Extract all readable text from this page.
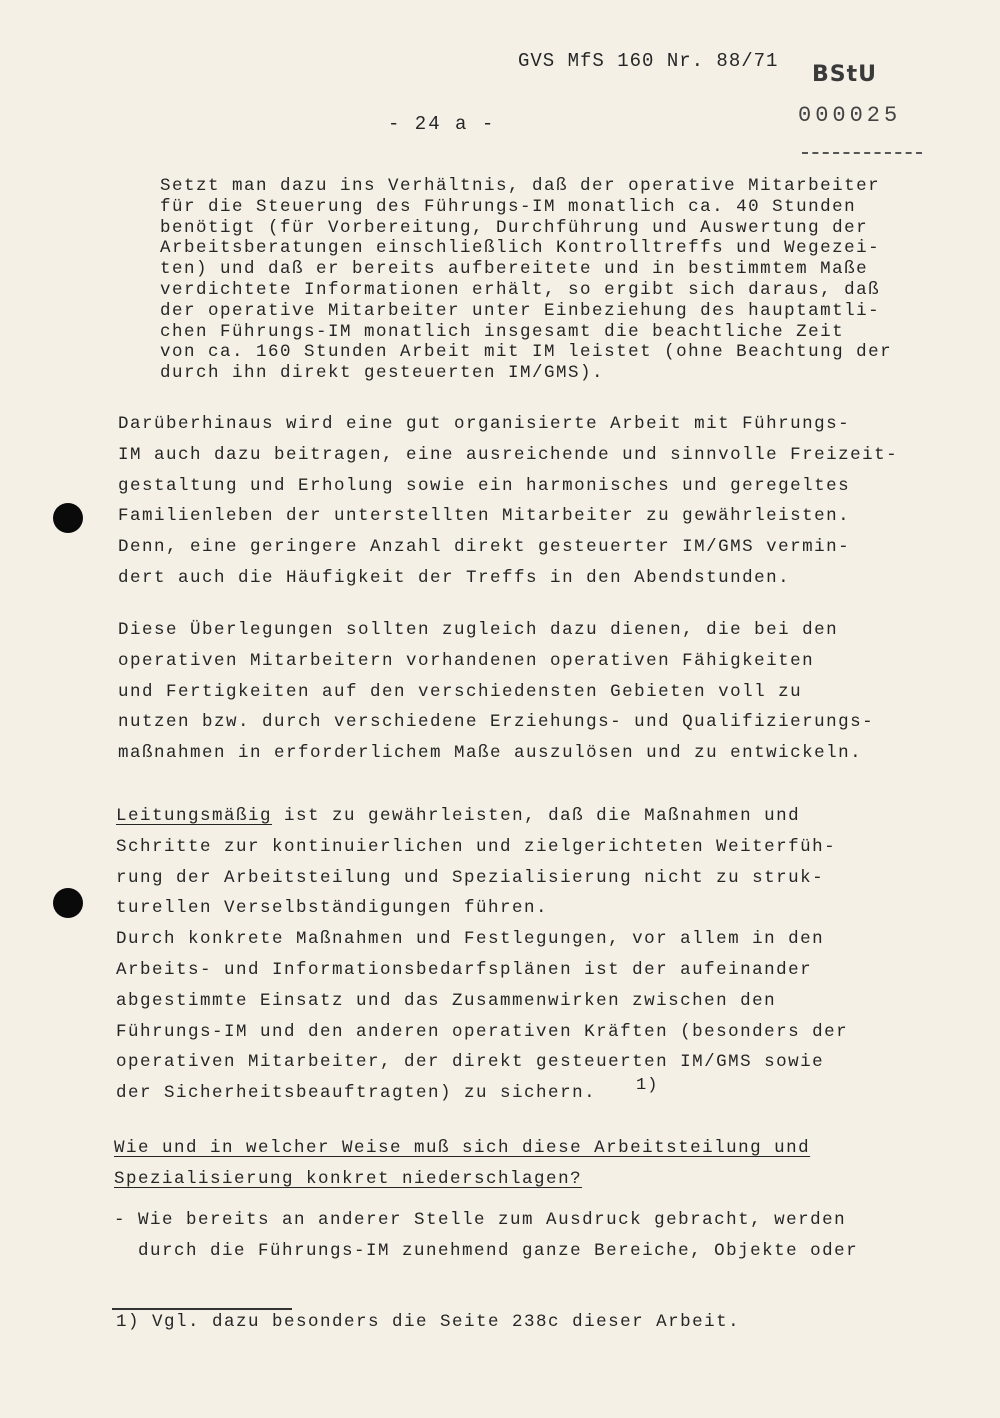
GVS MfS 160 Nr. 88/71
BStU
000025
- 24 a -
Setzt man dazu ins Verhältnis, daß der operative Mitarbeiter
für die Steuerung des Führungs-IM monatlich ca. 40 Stunden
benötigt (für Vorbereitung, Durchführung und Auswertung der
Arbeitsberatungen einschließlich Kontrolltreffs und Wegezei-
ten) und daß er bereits aufbereitete und in bestimmtem Maße
verdichtete Informationen erhält, so ergibt sich daraus, daß
der operative Mitarbeiter unter Einbeziehung des hauptamtli-
chen Führungs-IM monatlich insgesamt die beachtliche Zeit
von ca. 160 Stunden Arbeit mit IM leistet (ohne Beachtung der
durch ihn direkt gesteuerten IM/GMS).
Darüberhinaus wird eine gut organisierte Arbeit mit Führungs-
IM auch dazu beitragen, eine ausreichende und sinnvolle Freizeit-
gestaltung und Erholung sowie ein harmonisches und geregeltes
Familienleben der unterstellten Mitarbeiter zu gewährleisten.
Denn, eine geringere Anzahl direkt gesteuerter IM/GMS vermin-
dert auch die Häufigkeit der Treffs in den Abendstunden.
Diese Überlegungen sollten zugleich dazu dienen, die bei den
operativen Mitarbeitern vorhandenen operativen Fähigkeiten
und Fertigkeiten auf den verschiedensten Gebieten voll zu
nutzen bzw. durch verschiedene Erziehungs- und Qualifizierungs-
maßnahmen in erforderlichem Maße auszulösen und zu entwickeln.
Leitungsmäßig ist zu gewährleisten, daß die Maßnahmen und
Schritte zur kontinuierlichen und zielgerichteten Weiterfüh-
rung der Arbeitsteilung und Spezialisierung nicht zu struk-
turellen Verselbständigungen führen.
Durch konkrete Maßnahmen und Festlegungen, vor allem in den
Arbeits- und Informationsbedarfsplänen ist der aufeinander
abgestimmte Einsatz und das Zusammenwirken zwischen den
Führungs-IM und den anderen operativen Kräften (besonders der
operativen Mitarbeiter, der direkt gesteuerten IM/GMS sowie
der Sicherheitsbeauftragten) zu sichern.	1)
Wie und in welcher Weise muß sich diese Arbeitsteilung und
Spezialisierung konkret niederschlagen?
- Wie bereits an anderer Stelle zum Ausdruck gebracht, werden
durch die Führungs-IM zunehmend ganze Bereiche, Objekte oder
1) Vgl. dazu besonders die Seite 238c dieser Arbeit.
